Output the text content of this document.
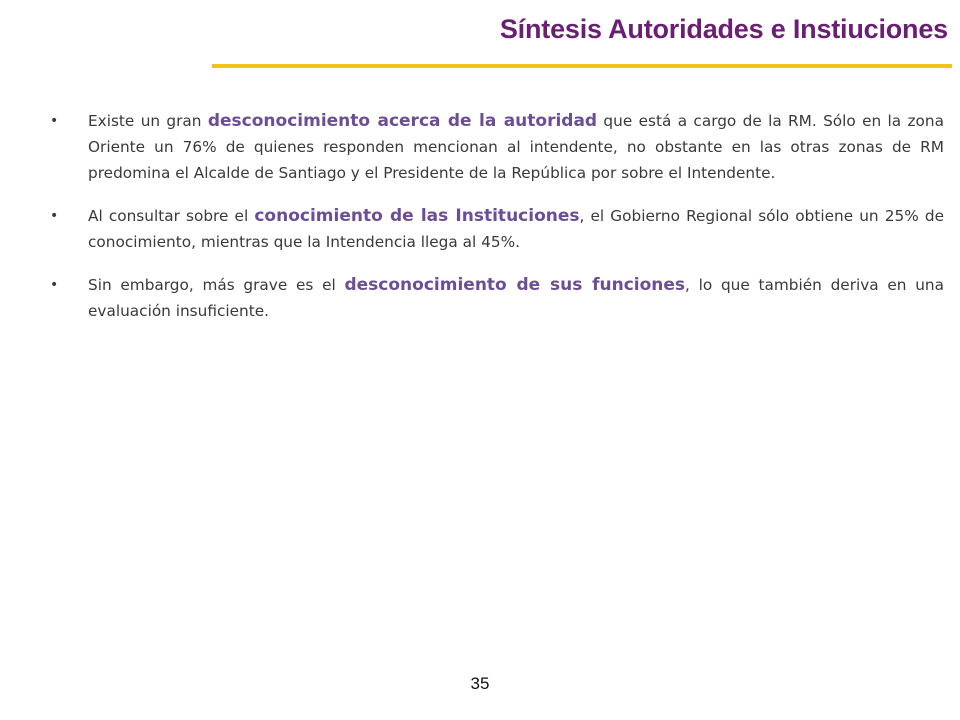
Síntesis Autoridades e Instiuciones
• Existe un gran desconocimiento acerca de la autoridad que está a cargo de la RM. Sólo en la zona Oriente un 76% de quienes responden mencionan al intendente, no obstante en las otras zonas de RM predomina el Alcalde de Santiago y el Presidente de la República por sobre el Intendente.
• Al consultar sobre el conocimiento de las Instituciones, el Gobierno Regional sólo obtiene un 25% de conocimiento, mientras que la Intendencia llega al 45%.
• Sin embargo, más grave es el desconocimiento de sus funciones, lo que también deriva en una evaluación insuficiente.
35
